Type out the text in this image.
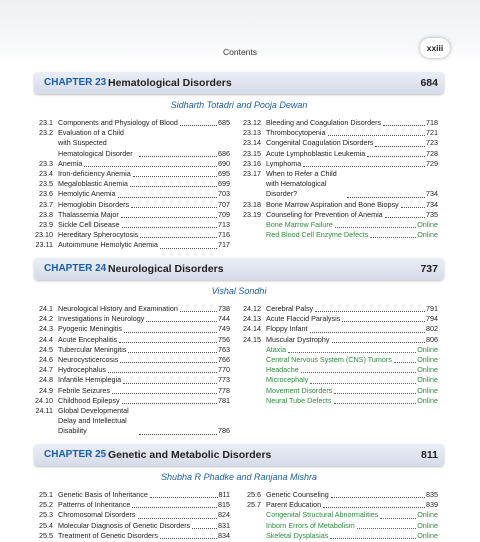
Contents	xxiii
CHAPTER 23 Hematological Disorders	684
Sidharth Totadri and Pooja Dewan
23.1 Components and Physiology of Blood	685
23.2 Evaluation of a Child with Suspected Hematological Disorder	686
23.3 Anemia	690
23.4 Iron-deficiency Anemia	695
23.5 Megaloblastic Anemia	699
23.6 Hemolytic Anemia	703
23.7 Hemoglobin Disorders	707
23.8 Thalassemia Major	709
23.9 Sickle Cell Disease	713
23.10 Hereditary Spherocytosis	716
23.11 Autoimmune Hemolytic Anemia	717
23.12 Bleeding and Coagulation Disorders	718
23.13 Thrombocytopenia	721
23.14 Congenital Coagulation Disorders	723
23.15 Acute Lymphoblastic Leukemia	728
23.16 Lymphoma	729
23.17 When to Refer a Child with Hematological Disorder?	734
23.18 Bone Marrow Aspiration and Bone Biopsy	734
23.19 Counseling for Prevention of Anemia	735
Bone Marrow Failure	Online
Red Blood Cell Enzyme Defects	Online
CHAPTER 24 Neurological Disorders	737
Vishal Sondhi
24.1 Neurological History and Examination	738
24.2 Investigations in Neurology	744
24.3 Pyogenic Meningitis	749
24.4 Acute Encephalitis	756
24.5 Tubercular Meningitis	763
24.6 Neurocysticercosis	766
24.7 Hydrocephalus	770
24.8 Infantile Hemiplegia	773
24.9 Febrile Seizures	778
24.10 Childhood Epilepsy	781
24.11 Global Developmental Delay and Intellectual Disability	786
24.12 Cerebral Palsy	791
24.13 Acute Flaccid Paralysis	794
24.14 Floppy Infant	802
24.15 Muscular Dystrophy	806
Ataxia	Online
Central Nervous System (CNS) Tumors	Online
Headache	Online
Microcephaly	Online
Movement Disorders	Online
Neural Tube Defects	Online
CHAPTER 25 Genetic and Metabolic Disorders	811
Shubha R Phadke and Ranjana Mishra
25.1 Genetic Basis of Inheritance	811
25.2 Patterns of Inheritance	815
25.3 Chromosomal Disorders	824
25.4 Molecular Diagnosis of Genetic Disorders	831
25.5 Treatment of Genetic Disorders	834
25.6 Genetic Counseling	835
25.7 Parent Education	839
Congenital Structural Abnormalities	Online
Inborn Errors of Metabolism	Online
Skeletal Dysplasias	Online
